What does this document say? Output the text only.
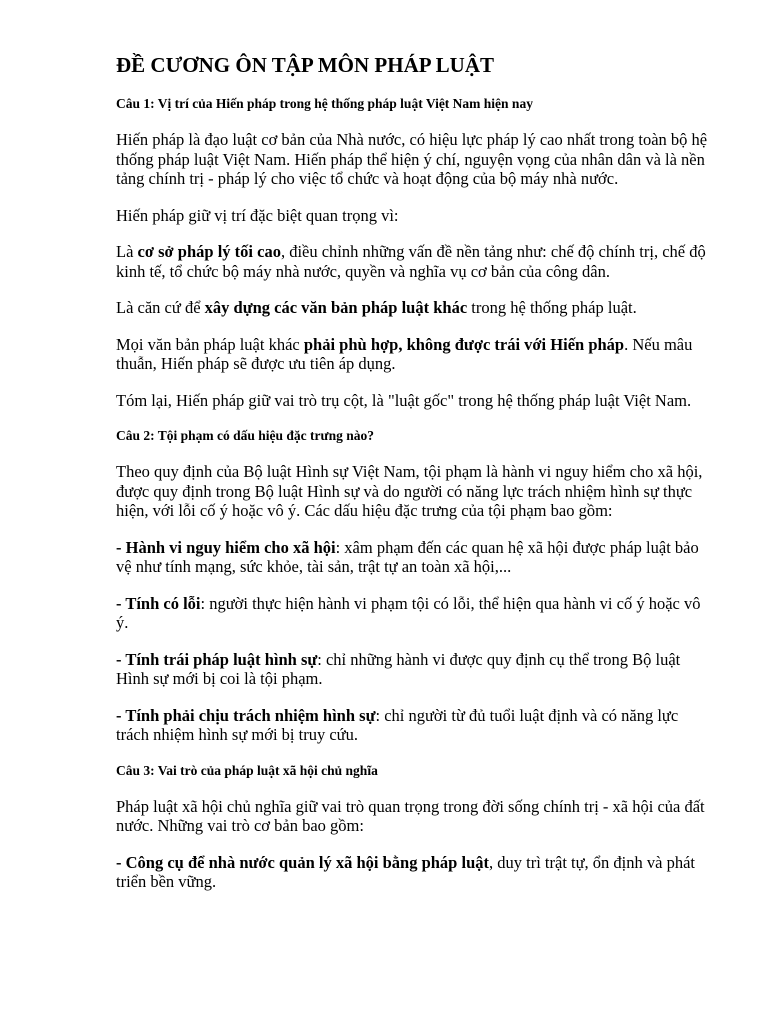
ĐỀ CƯƠNG ÔN TẬP MÔN PHÁP LUẬT
Câu 1: Vị trí của Hiến pháp trong hệ thống pháp luật Việt Nam hiện nay

Hiến pháp là đạo luật cơ bản của Nhà nước, có hiệu lực pháp lý cao nhất trong toàn bộ hệ thống pháp luật Việt Nam. Hiến pháp thể hiện ý chí, nguyện vọng của nhân dân và là nền tảng chính trị - pháp lý cho việc tổ chức và hoạt động của bộ máy nhà nước.

Hiến pháp giữ vị trí đặc biệt quan trọng vì:

Là cơ sở pháp lý tối cao, điều chỉnh những vấn đề nền tảng như: chế độ chính trị, chế độ kinh tế, tổ chức bộ máy nhà nước, quyền và nghĩa vụ cơ bản của công dân.

Là căn cứ để xây dựng các văn bản pháp luật khác trong hệ thống pháp luật.

Mọi văn bản pháp luật khác phải phù hợp, không được trái với Hiến pháp. Nếu mâu thuẫn, Hiến pháp sẽ được ưu tiên áp dụng.

Tóm lại, Hiến pháp giữ vai trò trụ cột, là "luật gốc" trong hệ thống pháp luật Việt Nam.

Câu 2: Tội phạm có dấu hiệu đặc trưng nào?

Theo quy định của Bộ luật Hình sự Việt Nam, tội phạm là hành vi nguy hiểm cho xã hội, được quy định trong Bộ luật Hình sự và do người có năng lực trách nhiệm hình sự thực hiện, với lỗi cố ý hoặc vô ý. Các dấu hiệu đặc trưng của tội phạm bao gồm:

- Hành vi nguy hiểm cho xã hội: xâm phạm đến các quan hệ xã hội được pháp luật bảo vệ như tính mạng, sức khỏe, tài sản, trật tự an toàn xã hội,...

- Tính có lỗi: người thực hiện hành vi phạm tội có lỗi, thể hiện qua hành vi cố ý hoặc vô ý.

- Tính trái pháp luật hình sự: chỉ những hành vi được quy định cụ thể trong Bộ luật Hình sự mới bị coi là tội phạm.

- Tính phải chịu trách nhiệm hình sự: chỉ người từ đủ tuổi luật định và có năng lực trách nhiệm hình sự mới bị truy cứu.

Câu 3: Vai trò của pháp luật xã hội chủ nghĩa

Pháp luật xã hội chủ nghĩa giữ vai trò quan trọng trong đời sống chính trị - xã hội của đất nước. Những vai trò cơ bản bao gồm:

- Công cụ để nhà nước quản lý xã hội bằng pháp luật, duy trì trật tự, ổn định và phát triển bền vững.
